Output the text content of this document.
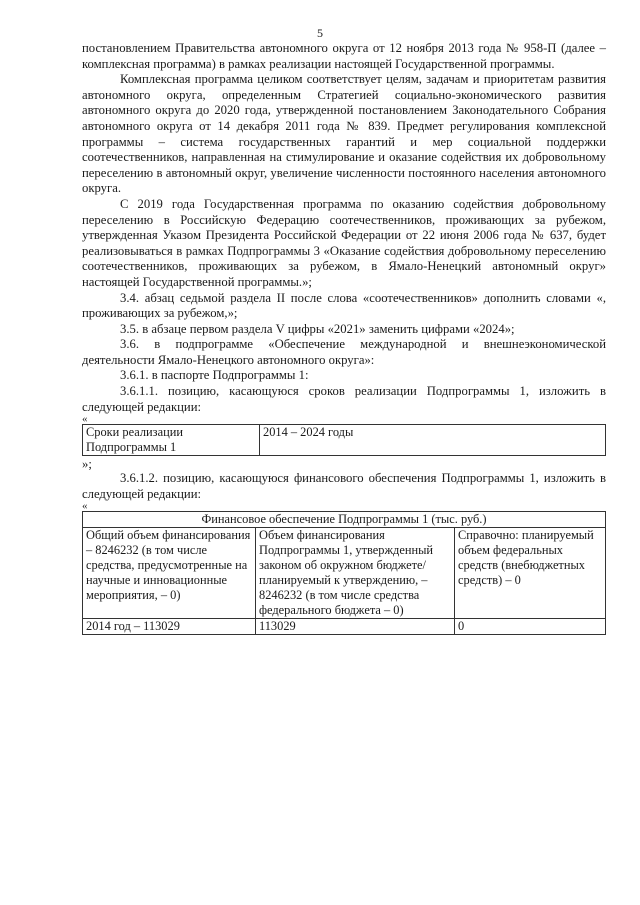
5

постановлением Правительства автономного округа от 12 ноября 2013 года № 958-П (далее – комплексная программа) в рамках реализации настоящей Государственной программы.

Комплексная программа целиком соответствует целям, задачам и приоритетам развития автономного округа, определенным Стратегией социально-экономического развития автономного округа до 2020 года, утвержденной постановлением Законодательного Собрания автономного округа от 14 декабря 2011 года № 839. Предмет регулирования комплексной программы – система государственных гарантий и мер социальной поддержки соотечественников, направленная на стимулирование и оказание содействия их добровольному переселению в автономный округ, увеличение численности постоянного населения автономного округа.

С 2019 года Государственная программа по оказанию содействия добровольному переселению в Российскую Федерацию соотечественников, проживающих за рубежом, утвержденная Указом Президента Российской Федерации от 22 июня 2006 года № 637, будет реализовываться в рамках Подпрограммы 3 «Оказание содействия добровольному переселению соотечественников, проживающих за рубежом, в Ямало-Ненецкий автономный округ» настоящей Государственной программы.»;

3.4. абзац седьмой раздела II после слова «соотечественников» дополнить словами «, проживающих за рубежом,»;

3.5. в абзаце первом раздела V цифры «2021» заменить цифрами «2024»;

3.6. в подпрограмме «Обеспечение международной и внешнеэкономической деятельности Ямало-Ненецкого автономного округа»:

3.6.1. в паспорте Подпрограммы 1:

3.6.1.1. позицию, касающуюся сроков реализации Подпрограммы 1, изложить в следующей редакции:

«

Сроки реализации Подпрограммы 1	2014 – 2024 годы

»;

3.6.1.2. позицию, касающуюся финансового обеспечения Подпрограммы 1, изложить в следующей редакции:

«

Финансовое обеспечение Подпрограммы 1 (тыс. руб.)		
Общий объем финансирования – 8246232 (в том числе средства, предусмотренные на научные и инновационные мероприятия, – 0)	Объем финансирования Подпрограммы 1, утвержденный законом об окружном бюджете/ планируемый к утверждению, – 8246232 (в том числе средства федерального бюджета – 0)	Справочно: планируемый объем федеральных средств (внебюджетных средств) – 0
2014 год – 113029	113029	0
